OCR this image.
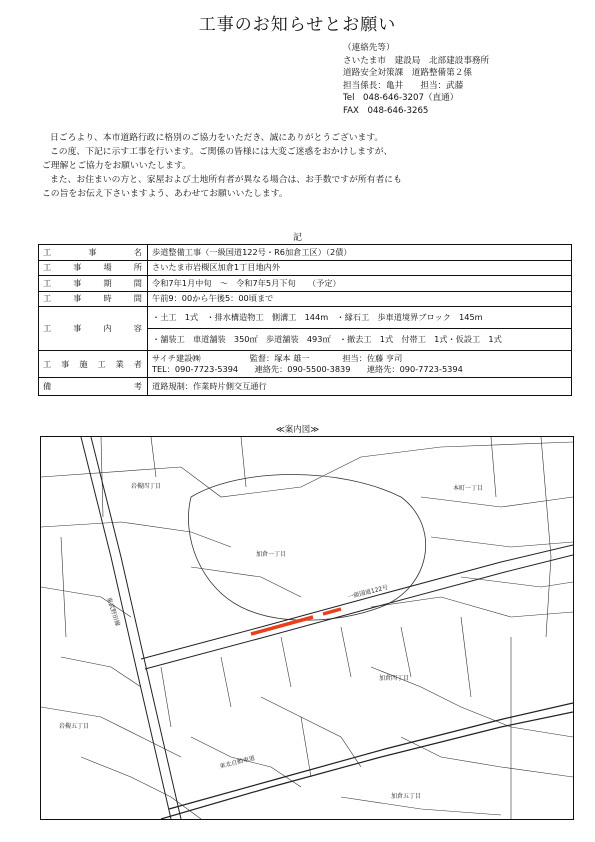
工事のお知らせとお願い
（連絡先等）
さいたま市　建設局　北部建設事務所
道路安全対策課　道路整備第２係
担当係長：亀井　　担当：武藤
Tel　048-646-3207（直通）
FAX　048-646-3265

日ごろより、本市道路行政に格別のご協力をいただき、誠にありがとうございます。

この度、下記に示す工事を行います。ご関係の皆様には大変ご迷惑をおかけしますが、

ご理解とご協力をお願いいたします。

また、お住まいの方と、家屋および土地所有者が異なる場合は、お手数ですが所有者にも

この旨をお伝え下さいますよう、あわせてお願いいたします。

記
工事名	歩道整備工事（一級国道122号・R6加倉工区）（2債）
工事場所	さいたま市岩槻区加倉1丁目地内外
工事期間	令和7年1月中旬　～　令和7年5月下旬　　（予定）
工事時間	午前9：00から午後5：00頃まで
工事内容	・土工　1式　・排水構造物工　側溝工　144m　・縁石工　歩車道境界ブロック　145m
	・舗装工　車道舗装　350㎡　歩道舗装　493㎡　・撤去工　1式　付帯工　1式・仮設工　1式
工事施工業者	サイチ建設㈱　　　　　　監督：塚本 雄一　　　　担当：佐藤 亨司
TEL：090-7723-5394　　連絡先：090-5500-3839　　連絡先：090-7723-5394

備考	道路規制：作業時片側交互通行
≪案内図≫
岩槻四丁目
加倉一丁目
本町一丁目
加倉四丁目
岩槻五丁目
加倉五丁目
一級国道122号
東武野田線
東北自動車道
